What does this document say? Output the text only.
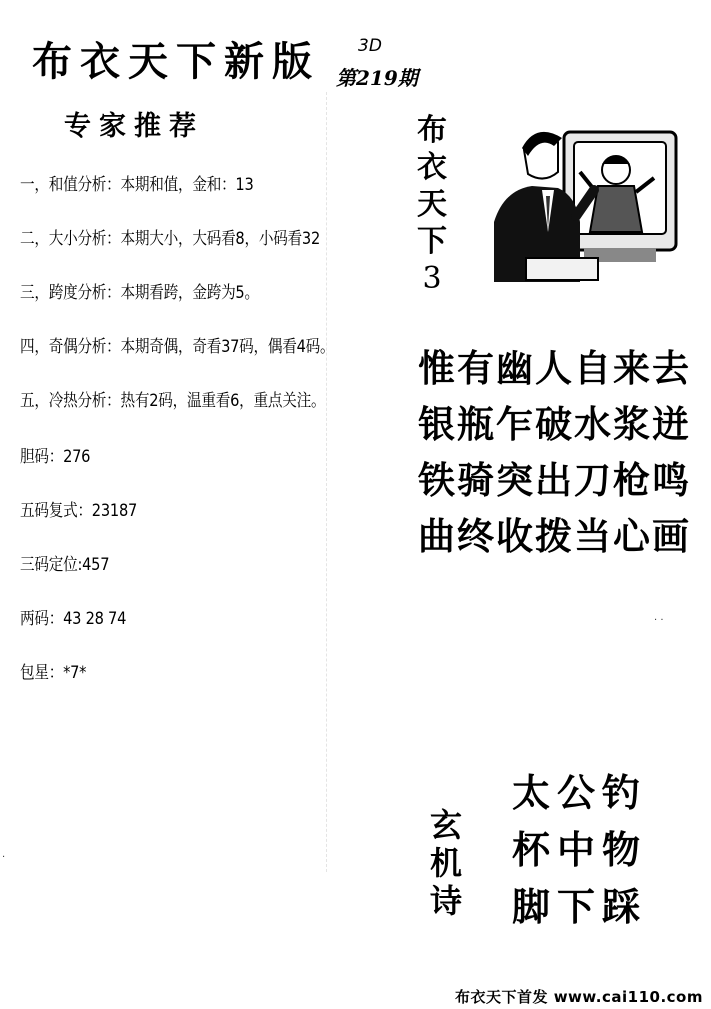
布衣天下新版 3D
第219期
专家推荐
一，和值分析：本期和值，金和：13
二，大小分析：本期大小，大码看8，小码看32
三，跨度分析：本期看跨，金跨为5。
四，奇偶分析：本期奇偶，奇看37码，偶看4码。
五，冷热分析：热有2码，温重看6，重点关注。
胆码：276
五码复式：23187
三码定位:457
两码：43 28 74
包星：*7*
布
衣
天
下
3
惟有幽人自来去
银瓶乍破水浆迸
铁骑突出刀枪鸣
曲终收拨当心画
. .
·
玄
机
诗
太公钓
杯中物
脚下踩
布衣天下首发 www.cai110.com
